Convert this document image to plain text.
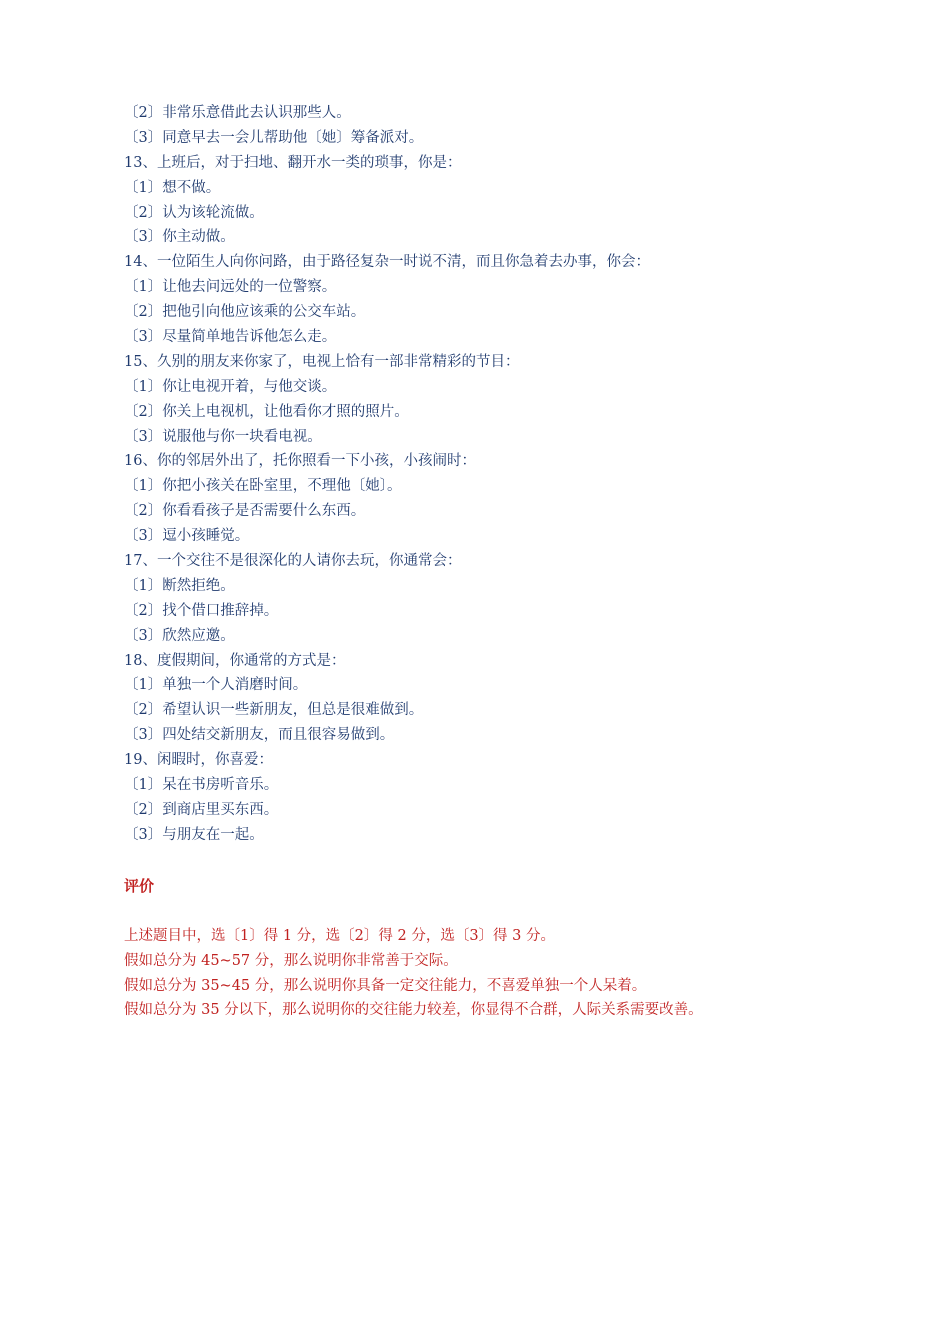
〔2〕非常乐意借此去认识那些人。
〔3〕同意早去一会儿帮助他〔她〕筹备派对。
13、上班后，对于扫地、翻开水一类的琐事，你是：
〔1〕想不做。
〔2〕认为该轮流做。
〔3〕你主动做。
14、一位陌生人向你问路，由于路径复杂一时说不清，而且你急着去办事，你会：
〔1〕让他去问远处的一位警察。
〔2〕把他引向他应该乘的公交车站。
〔3〕尽量简单地告诉他怎么走。
15、久别的朋友来你家了，电视上恰有一部非常精彩的节目：
〔1〕你让电视开着，与他交谈。
〔2〕你关上电视机，让他看你才照的照片。
〔3〕说服他与你一块看电视。
16、你的邻居外出了，托你照看一下小孩，小孩闹时：
〔1〕你把小孩关在卧室里，不理他〔她〕。
〔2〕你看看孩子是否需要什么东西。
〔3〕逗小孩睡觉。
17、一个交往不是很深化的人请你去玩，你通常会：
〔1〕断然拒绝。
〔2〕找个借口推辞掉。
〔3〕欣然应邀。
18、度假期间，你通常的方式是：
〔1〕单独一个人消磨时间。
〔2〕希望认识一些新朋友，但总是很难做到。
〔3〕四处结交新朋友，而且很容易做到。
19、闲暇时，你喜爱：
〔1〕呆在书房听音乐。
〔2〕到商店里买东西。
〔3〕与朋友在一起。
评价
上述题目中，选〔1〕得 1 分，选〔2〕得 2 分，选〔3〕得 3 分。
假如总分为 45~57 分，那么说明你非常善于交际。
假如总分为 35~45 分，那么说明你具备一定交往能力，不喜爱单独一个人呆着。
假如总分为 35 分以下，那么说明你的交往能力较差，你显得不合群，人际关系需要改善。
